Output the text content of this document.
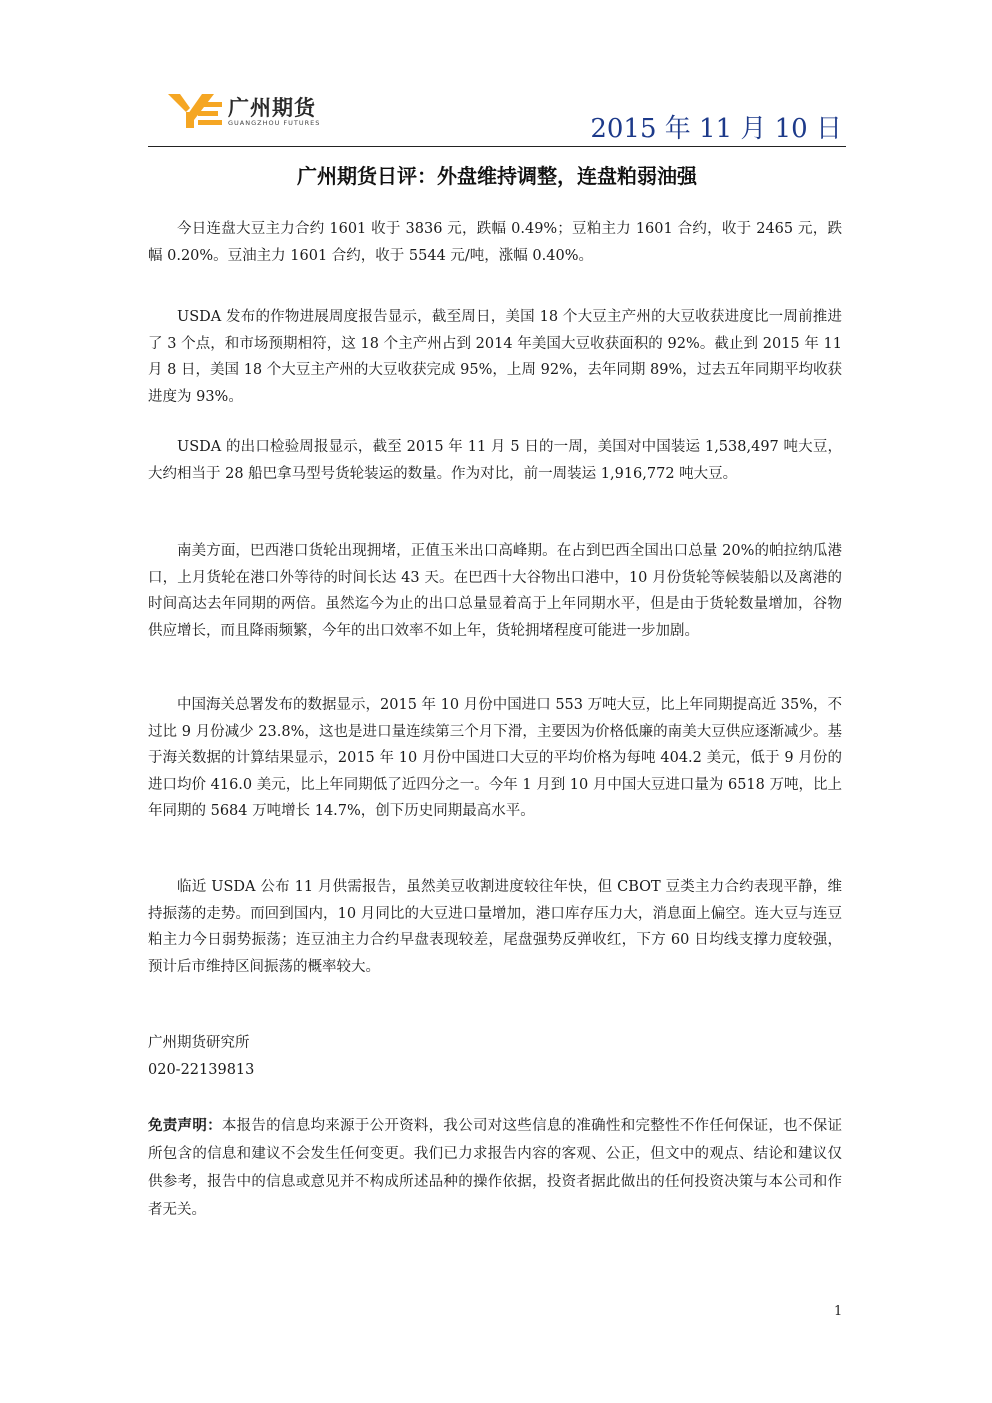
广州期货
GUANGZHOU FUTURES	2015 年 11 月 10 日
广州期货日评：外盘维持调整，连盘粕弱油强

今日连盘大豆主力合约 1601 收于 3836 元，跌幅 0.49%；豆粕主力 1601 合约，收于 2465 元，跌幅 0.20%。豆油主力 1601 合约，收于 5544 元/吨，涨幅 0.40%。

USDA 发布的作物进展周度报告显示，截至周日，美国 18 个大豆主产州的大豆收获进度比一周前推进了 3 个点，和市场预期相符，这 18 个主产州占到 2014 年美国大豆收获面积的 92%。截止到 2015 年 11 月 8 日，美国 18 个大豆主产州的大豆收获完成 95%，上周 92%，去年同期 89%，过去五年同期平均收获进度为 93%。

USDA 的出口检验周报显示，截至 2015 年 11 月 5 日的一周，美国对中国装运 1,538,497 吨大豆，大约相当于 28 船巴拿马型号货轮装运的数量。作为对比，前一周装运 1,916,772 吨大豆。

南美方面，巴西港口货轮出现拥堵，正值玉米出口高峰期。在占到巴西全国出口总量 20%的帕拉纳瓜港口，上月货轮在港口外等待的时间长达 43 天。在巴西十大谷物出口港中，10 月份货轮等候装船以及离港的时间高达去年同期的两倍。虽然迄今为止的出口总量显着高于上年同期水平，但是由于货轮数量增加，谷物供应增长，而且降雨频繁，今年的出口效率不如上年，货轮拥堵程度可能进一步加剧。

中国海关总署发布的数据显示，2015 年 10 月份中国进口 553 万吨大豆，比上年同期提高近 35%，不过比 9 月份减少 23.8%，这也是进口量连续第三个月下滑，主要因为价格低廉的南美大豆供应逐渐减少。基于海关数据的计算结果显示，2015 年 10 月份中国进口大豆的平均价格为每吨 404.2 美元，低于 9 月份的进口均价 416.0 美元，比上年同期低了近四分之一。今年 1 月到 10 月中国大豆进口量为 6518 万吨，比上年同期的 5684 万吨增长 14.7%，创下历史同期最高水平。

临近 USDA 公布 11 月供需报告，虽然美豆收割进度较往年快，但 CBOT 豆类主力合约表现平静，维持振荡的走势。而回到国内，10 月同比的大豆进口量增加，港口库存压力大，消息面上偏空。连大豆与连豆粕主力今日弱势振荡；连豆油主力合约早盘表现较差，尾盘强势反弹收红，下方 60 日均线支撑力度较强，预计后市维持区间振荡的概率较大。

广州期货研究所
020-22139813
免责声明：本报告的信息均来源于公开资料，我公司对这些信息的准确性和完整性不作任何保证，也不保证所包含的信息和建议不会发生任何变更。我们已力求报告内容的客观、公正，但文中的观点、结论和建议仅供参考，报告中的信息或意见并不构成所述品种的操作依据，投资者据此做出的任何投资决策与本公司和作者无关。
1
